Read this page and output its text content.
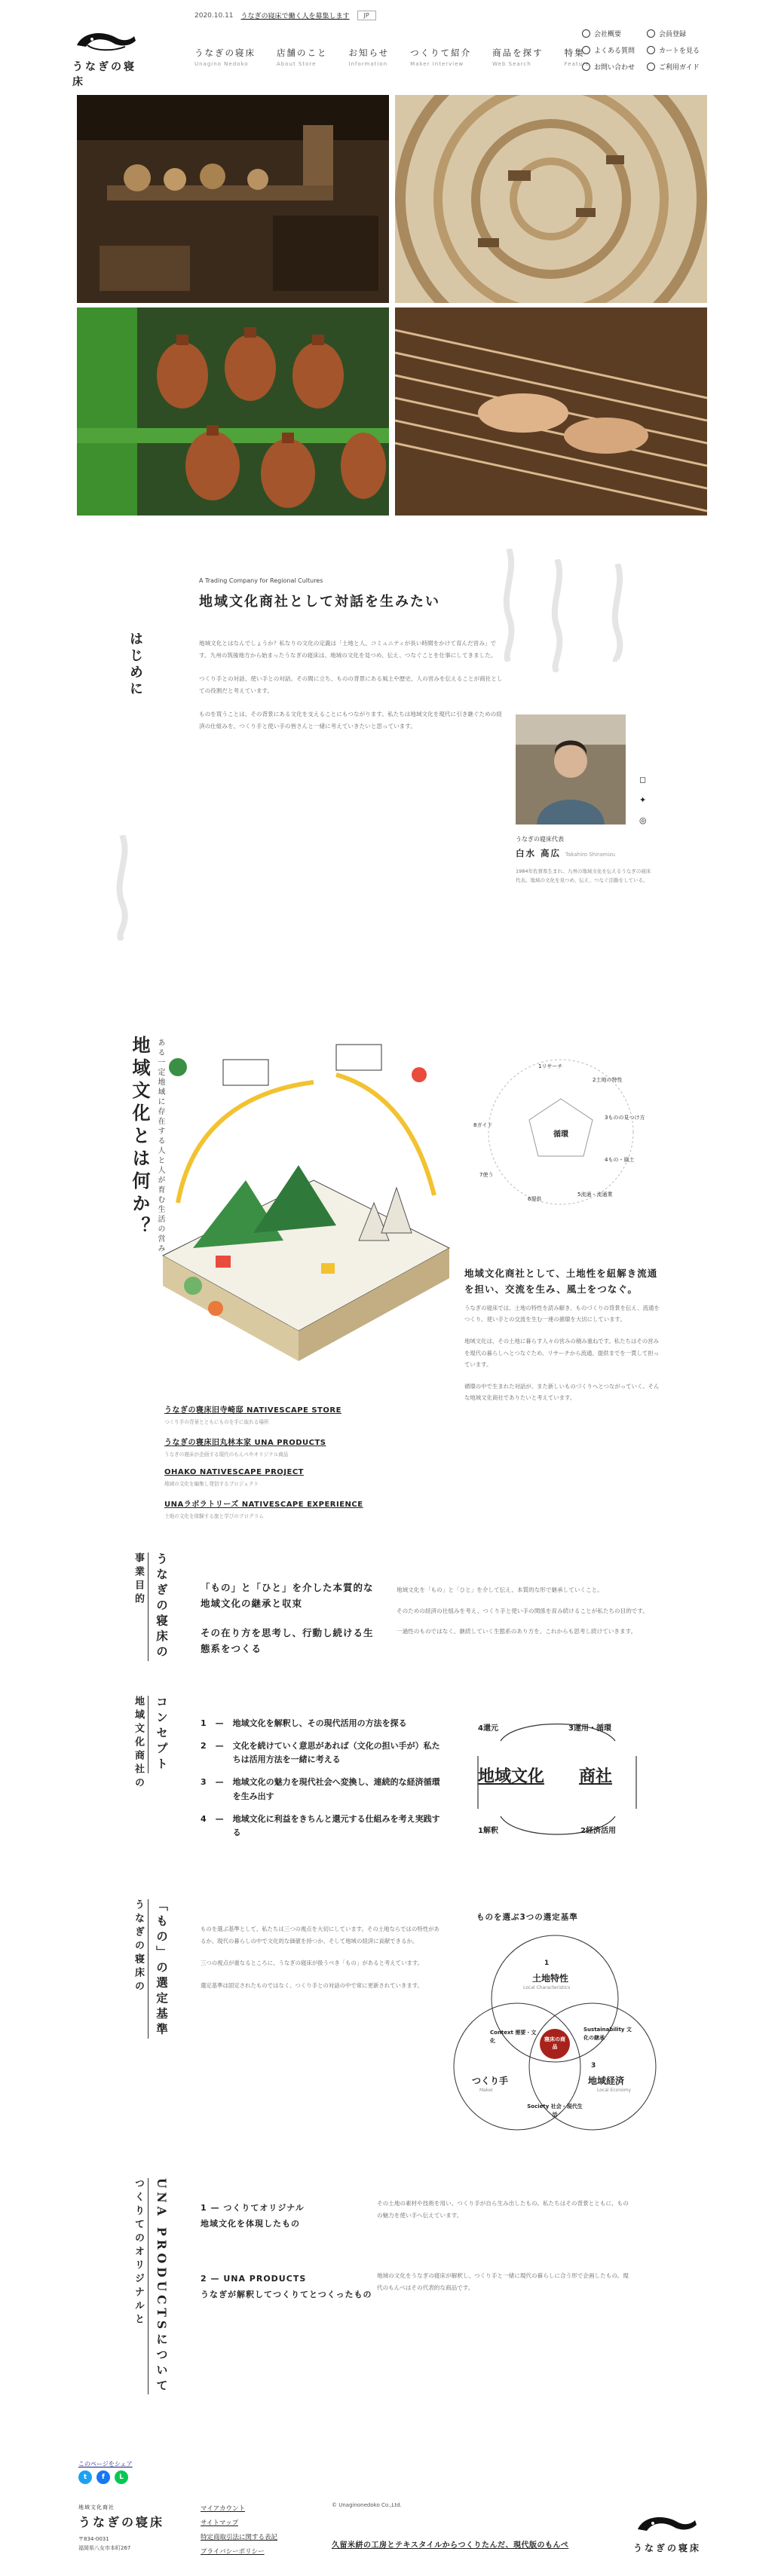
うなぎの寝床
2020.10.11 うなぎの寝床で働く人を募集します	JP
うなぎの寝床
Unagino Nedoko
店舗のこと
About Store
お知らせ
Information
つくりて紹介
Maker Interview
商品を探す
Web Search
特集
Feature
会社概要	会員登録
よくある質問	カートを見る
お問い合わせ	ご利用ガイド
はじめに
A Trading Company for Regional Cultures
地域文化商社として対話を生みたい

地域文化とはなんでしょうか？私なりの文化の定義は「土地と人、コミュニティが長い時間をかけて育んだ営み」です。九州の筑後地方から始まったうなぎの寝床は、地域の文化を見つめ、伝え、つなぐことを仕事にしてきました。

つくり手との対話、使い手との対話。その間に立ち、ものの背景にある風土や歴史、人の営みを伝えることが商社としての役割だと考えています。

ものを買うことは、その背景にある文化を支えることにもつながります。私たちは地域文化を現代に引き継ぐための経済の仕組みを、つくり手と使い手の皆さんと一緒に考えていきたいと思っています。

◻
✦
◎
うなぎの寝床代表
白水 高広 Takahiro Shiramizu
1984年佐賀県生まれ。九州の地域文化を伝えるうなぎの寝床代表。地域の文化を見つめ、伝え、つなぐ活動をしている。
地域文化とは何か？ ある一定地域に存在する人と人が育む生活の営み	1リサーチ
2土地の特性
3ものの見つけ方
4もの・風土
5流通・流通業
6提供
7使う
8ガイド
循環
地域文化商社として、土地性を紐解き流通を担い、交流を生み、風土をつなぐ。

うなぎの寝床では、土地の特性を読み解き、ものづくりの背景を伝え、流通をつくり、使い手との交流を生む一連の循環を大切にしています。

地域文化は、その土地に暮らす人々の営みの積み重ねです。私たちはその営みを現代の暮らしへとつなぐため、リサーチから流通、提供までを一貫して担っています。

循環の中で生まれた対話が、また新しいものづくりへとつながっていく。そんな地域文化商社でありたいと考えています。

うなぎの寝床旧寺崎邸 NATIVESCAPE STORE
つくり手の背景とともにものを手に取れる場所
うなぎの寝床旧丸林本家 UNA PRODUCTS
うなぎの寝床が企画する現代のもんぺやオリジナル商品
OHAKO NATIVESCAPE PROJECT
地域の文化を編集し発信するプロジェクト
UNAラボラトリーズ NATIVESCAPE EXPERIENCE
土地の文化を体験する旅と学びのプログラム
事業目的 うなぎの寝床の	「もの」と「ひと」を介した本質的な地域文化の継承と収束
その在り方を思考し、行動し続ける生態系をつくる

地域文化を「もの」と「ひと」を介して伝え、本質的な形で継承していくこと。

そのための経済の仕組みを考え、つくり手と使い手の関係を育み続けることが私たちの目的です。

一過性のものではなく、継続していく生態系のあり方を、これからも思考し続けていきます。

地域文化商社の コンセプト	1 — 地域文化を解釈し、その現代活用の方法を探る
2 — 文化を続けていく意思があれば（文化の担い手が）私たちは活用方法を一緒に考える
3 — 地域文化の魅力を現代社会へ変換し、連続的な経済循環を生み出す
4 — 地域文化に利益をきちんと還元する仕組みを考え実践する
4還元	3運用・循環
地域文化 商社
1解釈	2経済活用
うなぎの寝床の 「もの」の選定基準	ものを選ぶ基準として、私たちは三つの視点を大切にしています。その土地ならではの特性があるか、現代の暮らしの中で文化的な価値を持つか、そして地域の経済に貢献できるか。

三つの視点が重なるところに、うなぎの寝床が扱うべき「もの」があると考えています。

選定基準は固定されたものではなく、つくり手との対話の中で常に更新されていきます。

ものを選ぶ3つの選定基準
1
土地特性
Local Characteristics
つくり手
Maker
3
地域経済
Local Economy
Context 需要・文化
Sustainability 文化の継承
Society 社会・現代生活
寝床の商品
つくりてのオリジナルと UNA PRODUCTSについて	1 — つくりてオリジナル
地域文化を体現したもの
その土地の素材や技術を用い、つくり手が自ら生み出したもの。私たちはその背景とともに、ものの魅力を使い手へ伝えています。
2 — UNA PRODUCTS
うなぎが解釈してつくりてとつくったもの
地域の文化をうなぎの寝床が解釈し、つくり手と一緒に現代の暮らしに合う形で企画したもの。現代のもんぺはその代表的な商品です。
このページをシェア
t	f	L
地域文化商社
うなぎの寝床
〒834-0031
福岡県八女市本町267
マイアカウント
サイトマップ
特定商取引法に関する表記
プライバシーポリシー
© Unaginonedoko Co.,Ltd.
久留米絣の工房とテキスタイルからつくりたんだ、現代版のもんぺ	うなぎの寝床
